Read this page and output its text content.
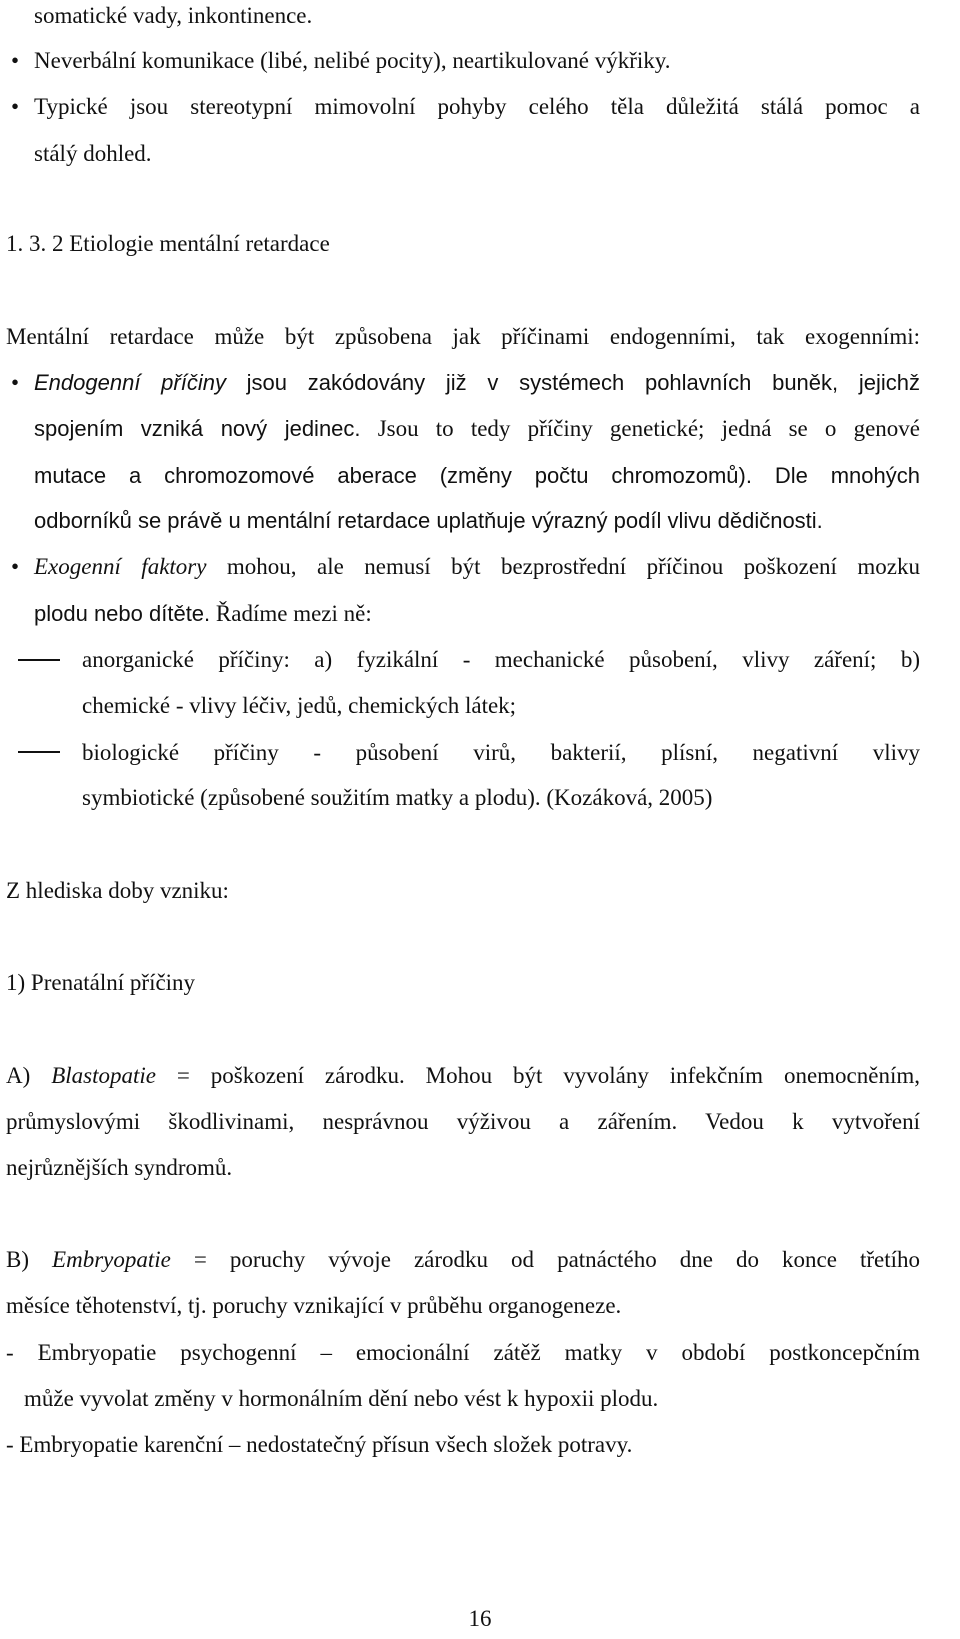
somatické vady, inkontinence.
• Neverbální komunikace (libé, nelibé pocity), neartikulované výkřiky.
• Typické jsou stereotypní mimovolní pohyby celého těla důležitá stálá pomoc a
stálý dohled.
1. 3. 2 Etiologie mentální retardace
Mentální retardace může být způsobena jak příčinami endogenními, tak exogenními:
• Endogenní příčiny jsou zakódovány již v systémech pohlavních buněk, jejichž
spojením vzniká nový jedinec. Jsou to tedy příčiny genetické; jedná se o genové
mutace a chromozomové aberace (změny počtu chromozomů). Dle mnohých
odborníků se právě u mentální retardace uplatňuje výrazný podíl vlivu dědičnosti.
• Exogenní faktory mohou, ale nemusí být bezprostřední příčinou poškození mozku
plodu nebo dítěte. Řadíme mezi ně:
anorganické příčiny: a) fyzikální - mechanické působení, vlivy záření; b)
chemické - vlivy léčiv, jedů, chemických látek;
biologické příčiny - působení virů, bakterií, plísní, negativní vlivy
symbiotické (způsobené soužitím matky a plodu). (Kozáková, 2005)
Z hlediska doby vzniku:
1) Prenatální příčiny
A) Blastopatie = poškození zárodku. Mohou být vyvolány infekčním onemocněním,
průmyslovými škodlivinami, nesprávnou výživou a zářením. Vedou k vytvoření
nejrůznějších syndromů.
B) Embryopatie = poruchy vývoje zárodku od patnáctého dne do konce třetího
měsíce těhotenství, tj. poruchy vznikající v průběhu organogeneze.
- Embryopatie psychogenní – emocionální zátěž matky v období postkoncepčním
může vyvolat změny v hormonálním dění nebo vést k hypoxii plodu.
- Embryopatie karenční – nedostatečný přísun všech složek potravy.
16
